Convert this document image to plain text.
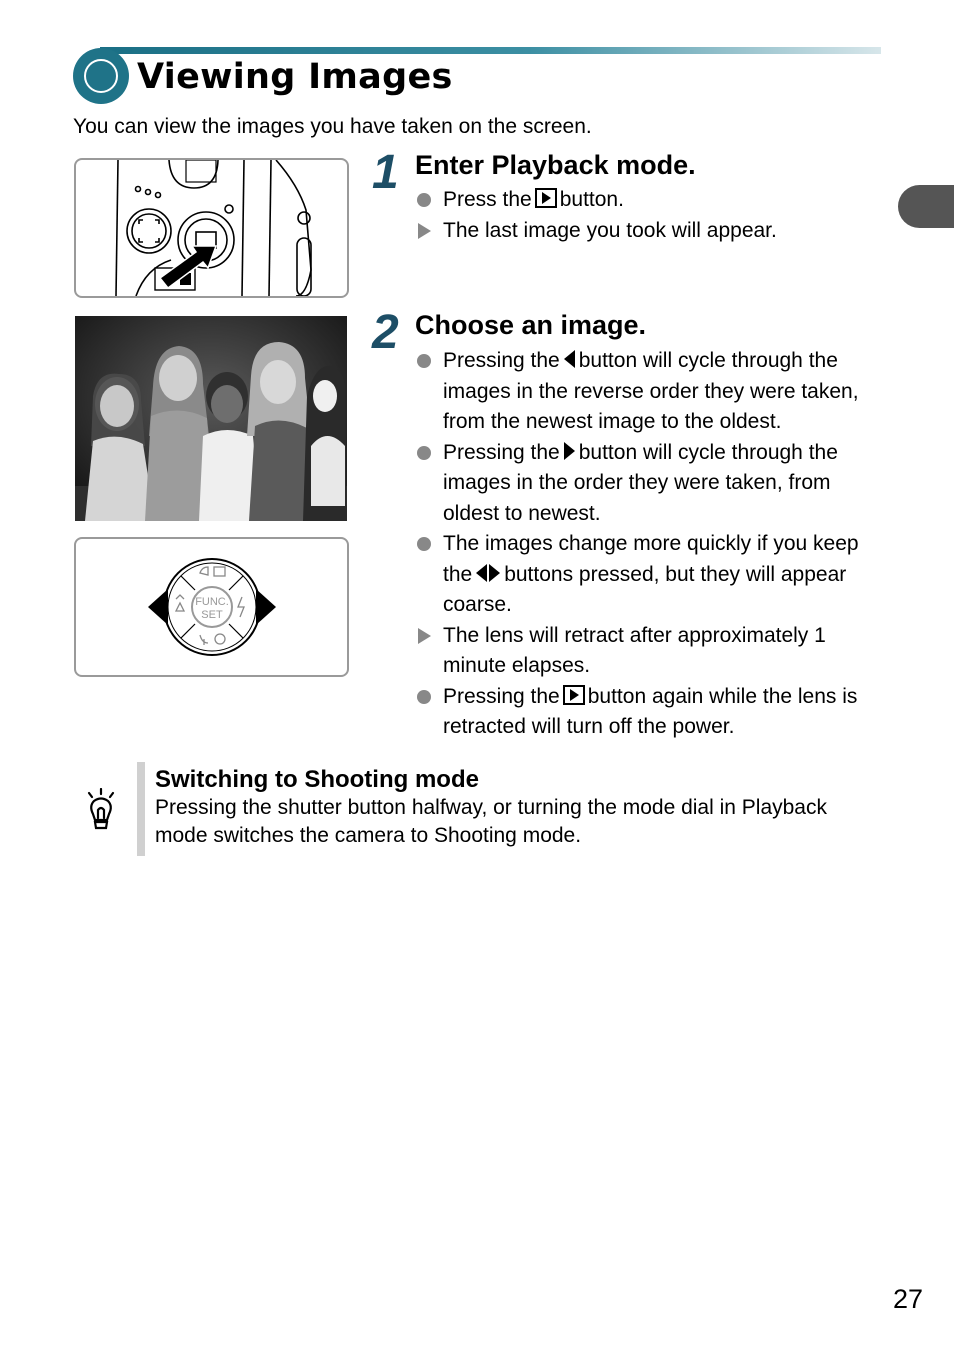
Viewing Images
You can view the images you have taken on the screen.
FUNC.
SET
1 Enter Playback mode.
Press the button.
The last image you took will appear.
2 Choose an image.
Pressing the button will cycle through the images in the reverse order they were taken, from the newest image to the oldest.
Pressing the button will cycle through the images in the order they were taken, from oldest to newest.
The images change more quickly if you keep the buttons pressed, but they will appear coarse.
The lens will retract after approximately 1 minute elapses.
Pressing the button again while the lens is retracted will turn off the power.
Switching to Shooting mode
Pressing the shutter button halfway, or turning the mode dial in Playback mode switches the camera to Shooting mode.
27
